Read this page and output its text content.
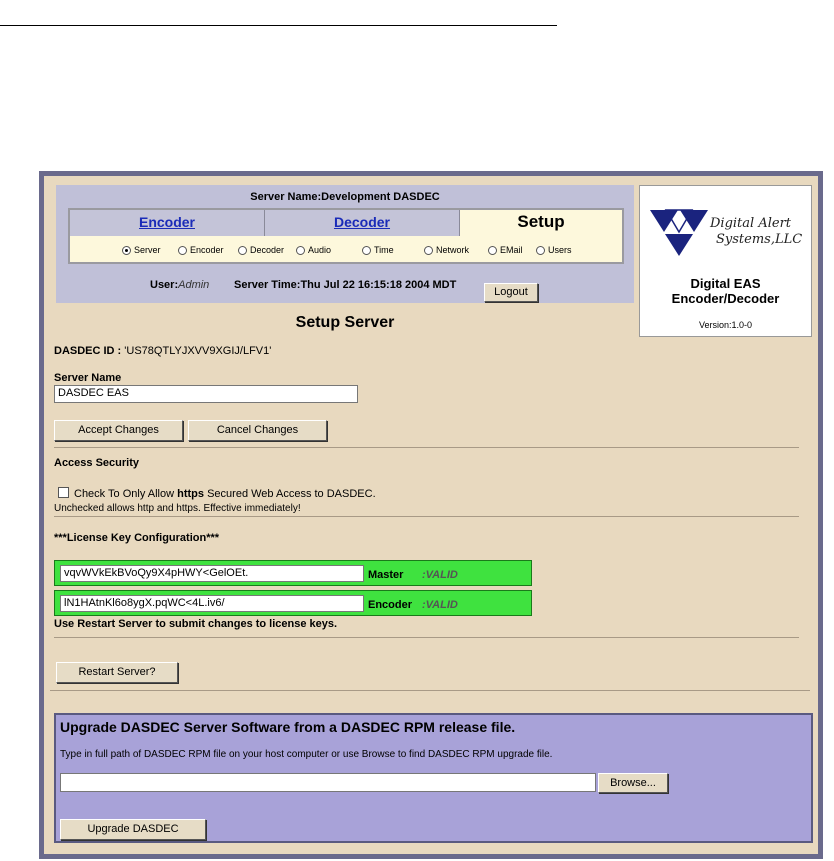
Server Name:Development DASDEC
Encoder	Decoder	Setup
Server	Encoder	Decoder	Audio	Time	Network	EMail	Users
User:Admin Server Time:Thu Jul 22 16:15:18 2004 MDT
Logout
Setup Server
Digital Alert
Systems,LLC
Digital EAS
Encoder/Decoder
Version:1.0-0
DASDEC ID : 'US78QTLYJXVV9XGIJ/LFV1'
Server Name
DASDEC EAS
Accept Changes	Cancel Changes
Access Security
Check To Only Allow https Secured Web Access to DASDEC.
Unchecked allows http and https. Effective immediately!
***License Key Configuration***
vqvWVkEkBVoQy9X4pHWY<GelOEt.	Master :VALID
lN1HAtnKl6o8ygX.pqWC<4L.iv6/	Encoder :VALID
Use Restart Server to submit changes to license keys.
Restart Server?
Upgrade DASDEC Server Software from a DASDEC RPM release file.
Type in full path of DASDEC RPM file on your host computer or use Browse to find DASDEC RPM upgrade file.
Browse...
Upgrade DASDEC
